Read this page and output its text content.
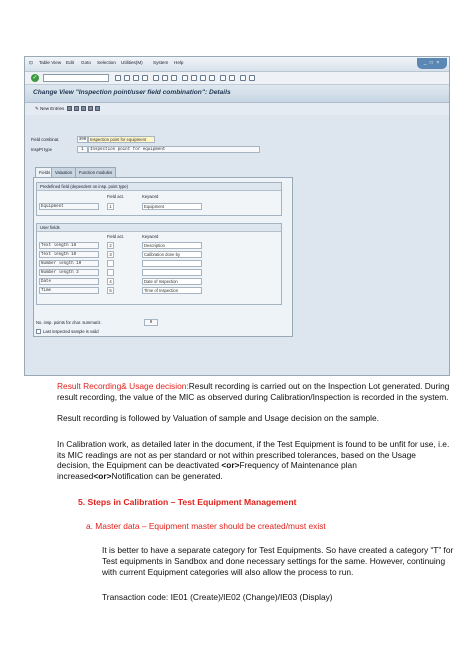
⊡ Table View Edit Goto Selection Utilities(M) System Help	_ □ ×
✓
Change View "Inspection point/user field combination": Details
✎ New Entries
Field combinat.	300 Inspection point for equipment
InspPt type	1	Inspection point for equipment
Fields	Valuation	Function modules
Predefined field (dependent on insp. point type)
Field act.	Keyword
Equipment	1	Equipment
User fields
Field act.	Keyword
Text length 18	2	Description
Text length 10	3	Calibration done by
Number length 10
Number length 3
Date	4	Date of Inspection
Time	5	Time of Inspection
No. insp. points for char. summariz.	0
Last inspected sample is valid
Result Recording& Usage decision:Result recording is carried out on the Inspection Lot generated. During result recording, the value of the MIC as observed during Calibration/Inspection is recorded in the system.
Result recording is followed by Valuation of sample and Usage decision on the sample.
In Calibration work, as detailed later in the document, if the Test Equipment is found to be unfit for use, i.e. its MIC readings are not as per standard or not within prescribed tolerances, based on the Usage decision, the Equipment can be deactivated <or>Frequency of Maintenance plan increased<or>Notification can be generated.
5. Steps in Calibration – Test Equipment Management
a. Master data – Equipment master should be created/must exist
It is better to have a separate category for Test Equipments. So have created a category “T” for Test equipments in Sandbox and done necessary settings for the same. However, continuing with current Equipment categories will also allow the process to run.
Transaction code: IE01 (Create)/IE02 (Change)/IE03 (Display)
